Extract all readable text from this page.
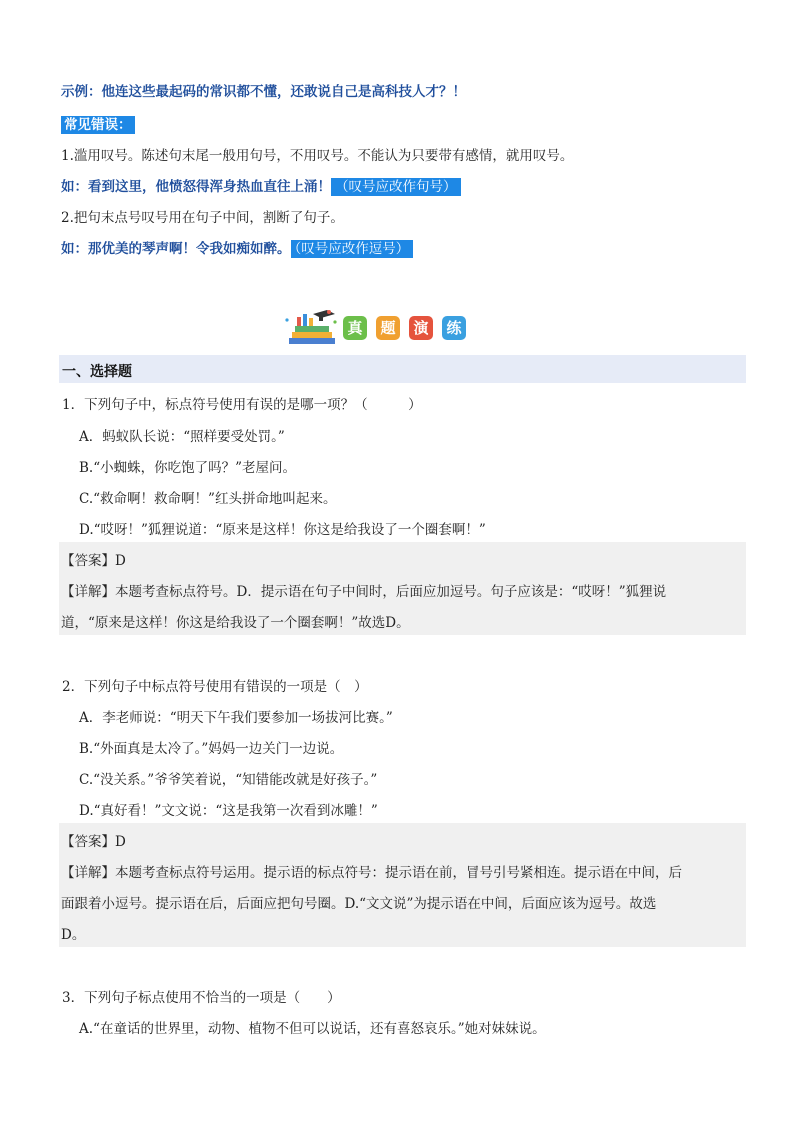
示例：他连这些最起码的常识都不懂，还敢说自己是高科技人才？！
常见错误：
1.滥用叹号。陈述句末尾一般用句号，不用叹号。不能认为只要带有感情，就用叹号。
如：看到这里，他愤怒得浑身热血直往上涌！ （叹号应改作句号）
2.把句末点号叹号用在句子中间，割断了句子。
如：那优美的琴声啊！令我如痴如醉。 （叹号应改作逗号）
真	题	演	练
一、选择题
1．下列句子中，标点符号使用有误的是哪一项？（　　　）
A．蚂蚁队长说：“照样要受处罚。”
B.“小蜘蛛，你吃饱了吗？”老屋问。
C.“救命啊！救命啊！”红头拼命地叫起来。
D.“哎呀！”狐狸说道：“原来是这样！你这是给我设了一个圈套啊！”
【答案】D
【详解】本题考查标点符号。D．提示语在句子中间时，后面应加逗号。句子应该是：“哎呀！”狐狸说
道，“原来是这样！你这是给我设了一个圈套啊！”故选D。
2．下列句子中标点符号使用有错误的一项是（　）
A．李老师说：“明天下午我们要参加一场拔河比赛。”
B.“外面真是太冷了。”妈妈一边关门一边说。
C.“没关系。”爷爷笑着说，“知错能改就是好孩子。”
D.“真好看！”文文说：“这是我第一次看到冰雕！”
【答案】D
【详解】本题考查标点符号运用。提示语的标点符号：提示语在前，冒号引号紧相连。提示语在中间，后
面跟着小逗号。提示语在后，后面应把句号圈。D.“文文说”为提示语在中间，后面应该为逗号。故选
D。
3．下列句子标点使用不恰当的一项是（　　）
A.“在童话的世界里，动物、植物不但可以说话，还有喜怒哀乐。”她对妹妹说。
